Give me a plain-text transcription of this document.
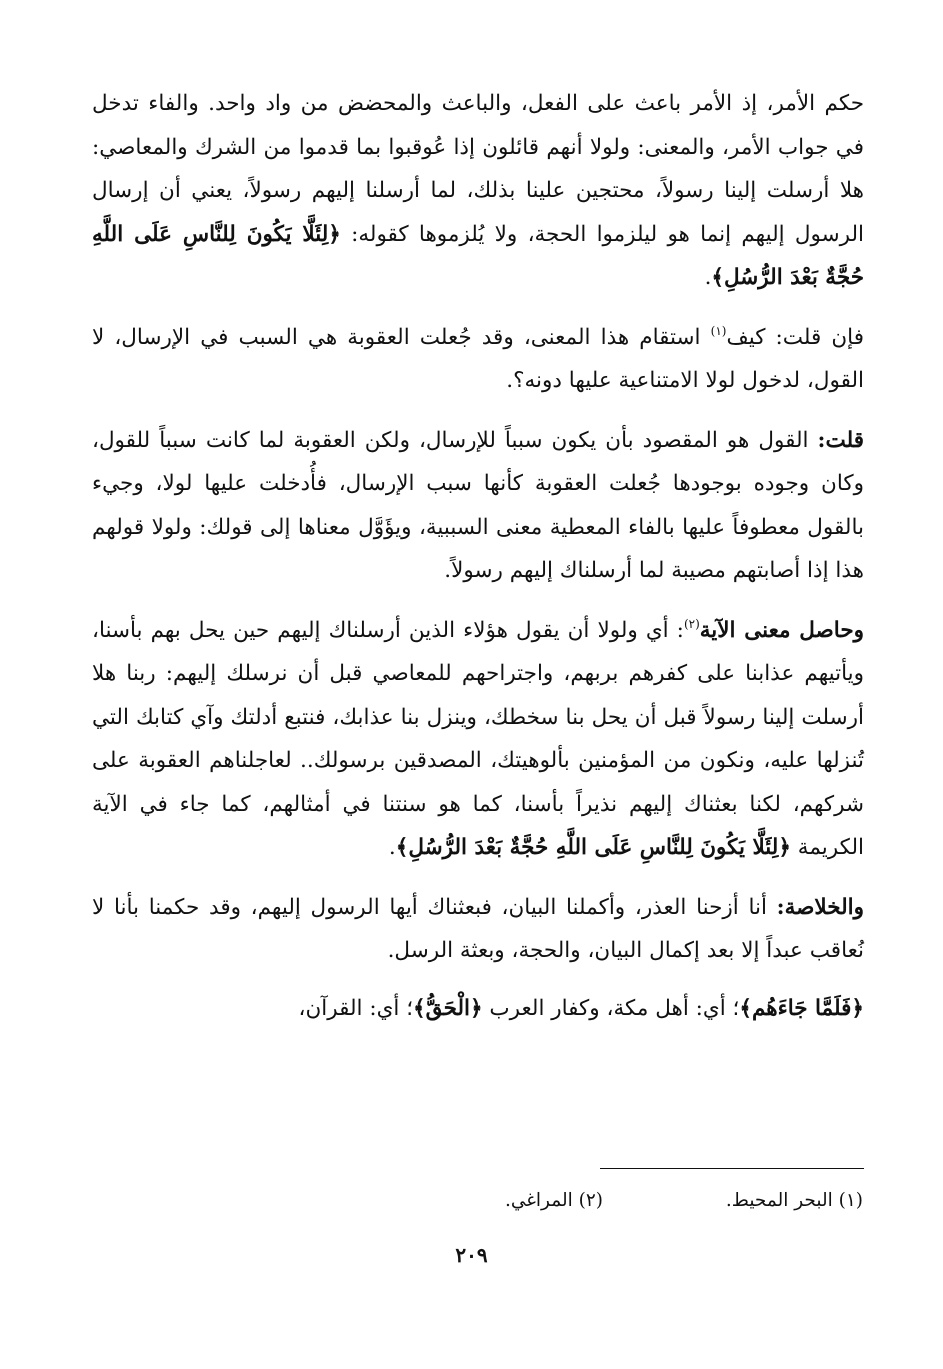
حكم الأمر، إذ الأمر باعث على الفعل، والباعث والمحضض من واد واحد. والفاء تدخل في جواب الأمر، والمعنى: ولولا أنهم قائلون إذا عُوقبوا بما قدموا من الشرك والمعاصي: هلا أرسلت إلينا رسولاً، محتجين علينا بذلك، لما أرسلنا إليهم رسولاً، يعني أن إرسال الرسول إليهم إنما هو ليلزموا الحجة، ولا يُلزموها كقوله: ﴿لِئَلَّا يَكُونَ لِلنَّاسِ عَلَى اللَّهِ حُجَّةٌ بَعْدَ الرُّسُلِ﴾.

فإن قلت: كيف$^{(١)}$ استقام هذا المعنى، وقد جُعلت العقوبة هي السبب في الإرسال، لا القول، لدخول لولا الامتناعية عليها دونه؟.

قلت: القول هو المقصود بأن يكون سبباً للإرسال، ولكن العقوبة لما كانت سبباً للقول، وكان وجوده بوجودها جُعلت العقوبة كأنها سبب الإرسال، فأُدخلت عليها لولا، وجيء بالقول معطوفاً عليها بالفاء المعطية معنى السببية، ويؤَوَّل معناها إلى قولك: ولولا قولهم هذا إذا أصابتهم مصيبة لما أرسلناك إليهم رسولاً.

وحاصل معنى الآية$^{(٢)}$: أي ولولا أن يقول هؤلاء الذين أرسلناك إليهم حين يحل بهم بأسنا، ويأتيهم عذابنا على كفرهم بربهم، واجتراحهم للمعاصي قبل أن نرسلك إليهم: ربنا هلا أرسلت إلينا رسولاً قبل أن يحل بنا سخطك، وينزل بنا عذابك، فنتبع أدلتك وآي كتابك التي تُنزلها عليه، ونكون من المؤمنين بألوهيتك، المصدقين برسولك.. لعاجلناهم العقوبة على شركهم، لكنا بعثناك إليهم نذيراً بأسنا، كما هو سنتنا في أمثالهم، كما جاء في الآية الكريمة ﴿لِئَلَّا يَكُونَ لِلنَّاسِ عَلَى اللَّهِ حُجَّةٌ بَعْدَ الرُّسُلِ﴾.

والخلاصة: أنا أزحنا العذر، وأكملنا البيان، فبعثناك أيها الرسول إليهم، وقد حكمنا بأنا لا نُعاقب عبداً إلا بعد إكمال البيان، والحجة، وبعثة الرسل.

﴿فَلَمَّا جَاءَهُم﴾؛ أي: أهل مكة، وكفار العرب ﴿الْحَقُّ﴾؛ أي: القرآن،

(١) البحر المحيط.(٢) المراغي.
٢٠٩
